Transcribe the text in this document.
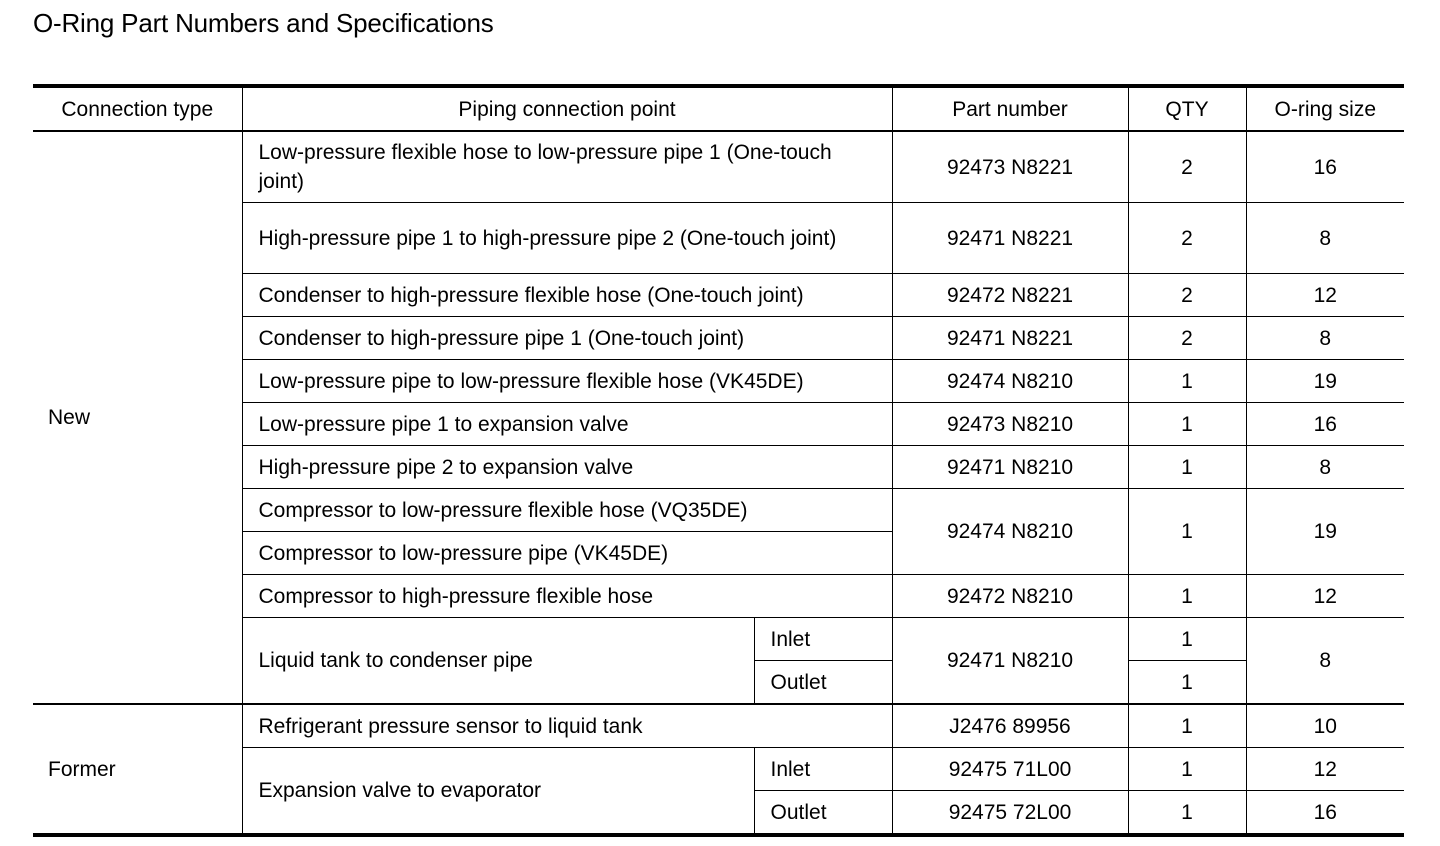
O-Ring Part Numbers and Specifications
Connection type	Piping connection point		Part number	QTY	O-ring size
New	Low-pressure flexible hose to low-pressure pipe 1 (One-touch joint)		92473 N8221	2	16
	High-pressure pipe 1 to high-pressure pipe 2 (One-touch joint)		92471 N8221	2	8
	Condenser to high-pressure flexible hose (One-touch joint)		92472 N8221	2	12
	Condenser to high-pressure pipe 1 (One-touch joint)		92471 N8221	2	8
	Low-pressure pipe to low-pressure flexible hose (VK45DE)		92474 N8210	1	19
	Low-pressure pipe 1 to expansion valve		92473 N8210	1	16
	High-pressure pipe 2 to expansion valve		92471 N8210	1	8
	Compressor to low-pressure flexible hose (VQ35DE)		92474 N8210	1	19
	Compressor to low-pressure pipe (VK45DE)				
	Compressor to high-pressure flexible hose		92472 N8210	1	12
	Liquid tank to condenser pipe	Inlet	92471 N8210	1	8
		Outlet		1	
Former	Refrigerant pressure sensor to liquid tank		J2476 89956	1	10
	Expansion valve to evaporator	Inlet	92475 71L00	1	12
		Outlet	92475 72L00	1	16
